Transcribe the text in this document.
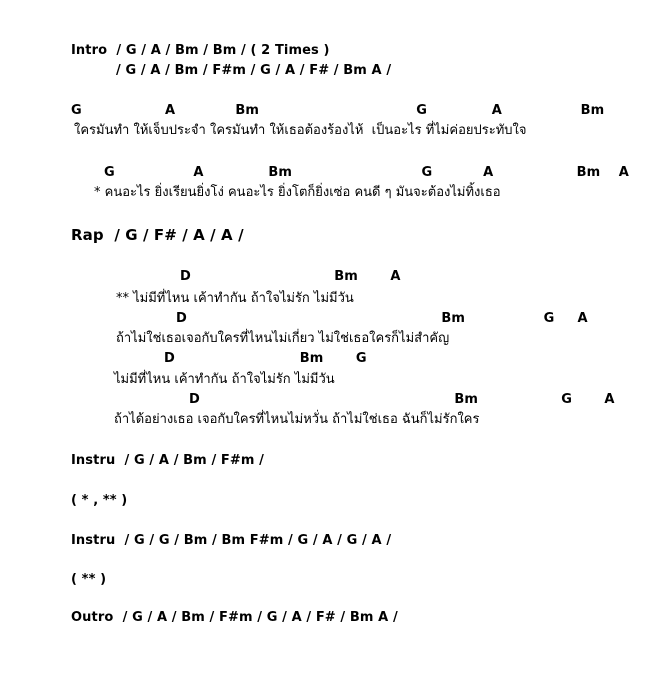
Intro  / G / A / Bm / Bm / ( 2 Times )
/ G / A / Bm / F#m / G / A / F# / Bm A /
G                  A             Bm                                  G              A                 Bm
ใครมันทำ ให้เจ็บประจำ ใครมันทำ ให้เธอต้องร้องไห้  เป็นอะไร ที่ไม่ค่อยประทับใจ
G                 A              Bm                            G           A                  Bm    A
* คนอะไร ยิ่งเรียนยิ่งโง่ คนอะไร ยิ่งโตก็ยิ่งเซ่อ คนดี ๆ มันจะต้องไม่ทิ้งเธอ
Rap  / G / F# / A / A /
D                               Bm       A
** ไม่มีที่ไหน เค้าทำกัน ถ้าใจไม่รัก ไม่มีวัน
D                                                       Bm                 G     A
ถ้าไม่ใช่เธอเจอกับใครที่ไหนไม่เกี่ยว ไม่ใช่เธอใครก็ไม่สำคัญ
D                           Bm       G
ไม่มีที่ไหน เค้าทำกัน ถ้าใจไม่รัก ไม่มีวัน
D                                                       Bm                  G       A
ถ้าได้อย่างเธอ เจอกับใครที่ไหนไม่หวั่น ถ้าไม่ใช่เธอ ฉันก็ไม่รักใคร
Instru  / G / A / Bm / F#m /
( * , ** )
Instru  / G / G / Bm / Bm F#m / G / A / G / A /
( ** )
Outro  / G / A / Bm / F#m / G / A / F# / Bm A /
